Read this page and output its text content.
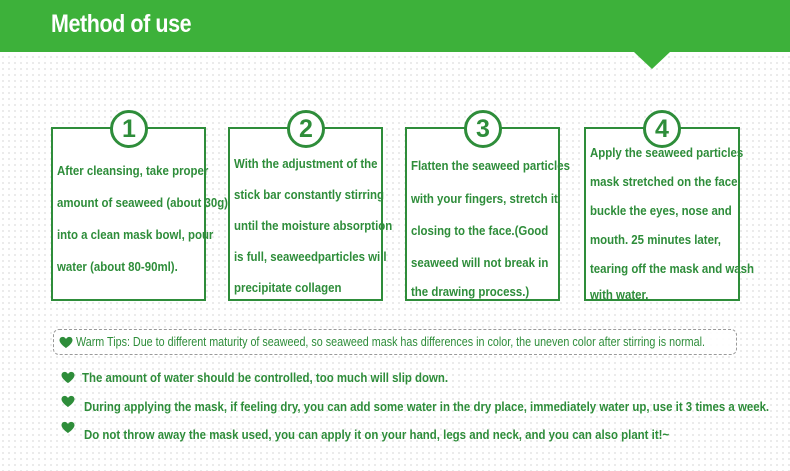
Method of use
1
After cleansing, take proper
amount of seaweed (about 30g)
into a clean mask bowl, pour
water (about 80-90ml).
2
With the adjustment of the
stick bar constantly stirring
until the moisture absorption
is full, seaweedparticles will
precipitate collagen
3
Flatten the seaweed particles
with your fingers, stretch it
closing to the face.(Good
seaweed will not break in
the drawing process.)
4
Apply the seaweed particles
mask stretched on the face,
buckle the eyes, nose and
mouth. 25 minutes later,
tearing off the mask and wash
with water.
Warm Tips: Due to different maturity of seaweed, so seaweed mask has differences in color, the uneven color after stirring is normal.
The amount of water should be controlled, too much will slip down.
During applying the mask, if feeling dry, you can add some water in the dry place, immediately water up, use it 3 times a week.
Do not throw away the mask used, you can apply it on your hand, legs and neck, and you can also plant it!~
